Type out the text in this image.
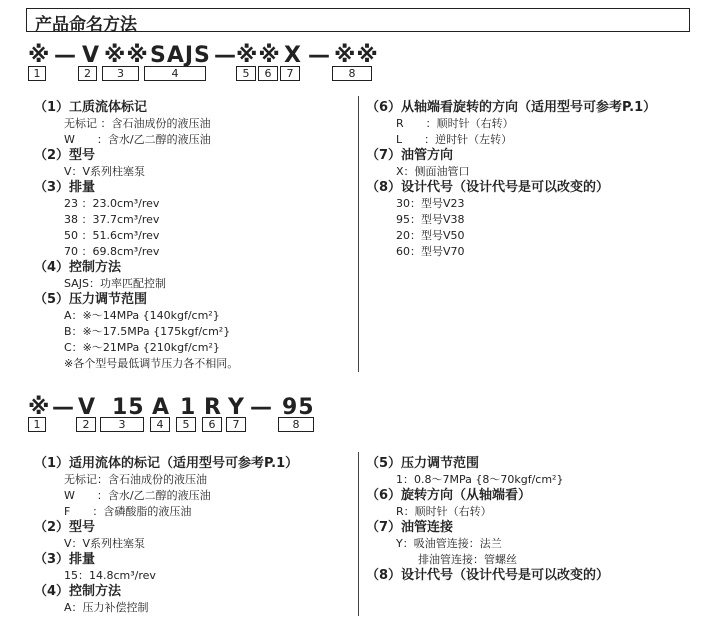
产品命名方法
※ — V ※※ SAJS — ※※ X — ※※
1	2	3	4	5	6	7	8
（1）工质流体标记
无标记 ：含石油成份的液压油
W　　：含水/乙二醇的液压油
（2）型号
V：V系列柱塞泵
（3）排量
23 ：23.0cm³/rev
38 ：37.7cm³/rev
50 ：51.6cm³/rev
70 ：69.8cm³/rev
（4）控制方法
SAJS：功率匹配控制
（5）压力调节范围
A：※～14MPa {140kgf/cm²}
B：※～17.5MPa {175kgf/cm²}
C：※～21MPa {210kgf/cm²}
※各个型号最低调节压力各不相同。
（6）从轴端看旋转的方向（适用型号可参考P.1）
R　　：顺时针（右转）
L　　：逆时针（左转）
（7）油管方向
X：侧面油管口
（8）设计代号（设计代号是可以改变的）
30：型号V23
95：型号V38
20：型号V50
60：型号V70
※ — V 15 A 1 R Y — 95
1	2	3	4	5	6	7	8
（1）适用流体的标记（适用型号可参考P.1）
无标记：含石油成份的液压油
W　　：含水/乙二醇的液压油
F　　：含磷酸脂的液压油
（2）型号
V：V系列柱塞泵
（3）排量
15：14.8cm³/rev
（4）控制方法
A：压力补偿控制
（5）压力调节范围
1：0.8～7MPa {8～70kgf/cm²}
（6）旋转方向（从轴端看）
R：顺时针（右转）
（7）油管连接
Y：吸油管连接：法兰
　　排油管连接：管螺丝
（8）设计代号（设计代号是可以改变的）
